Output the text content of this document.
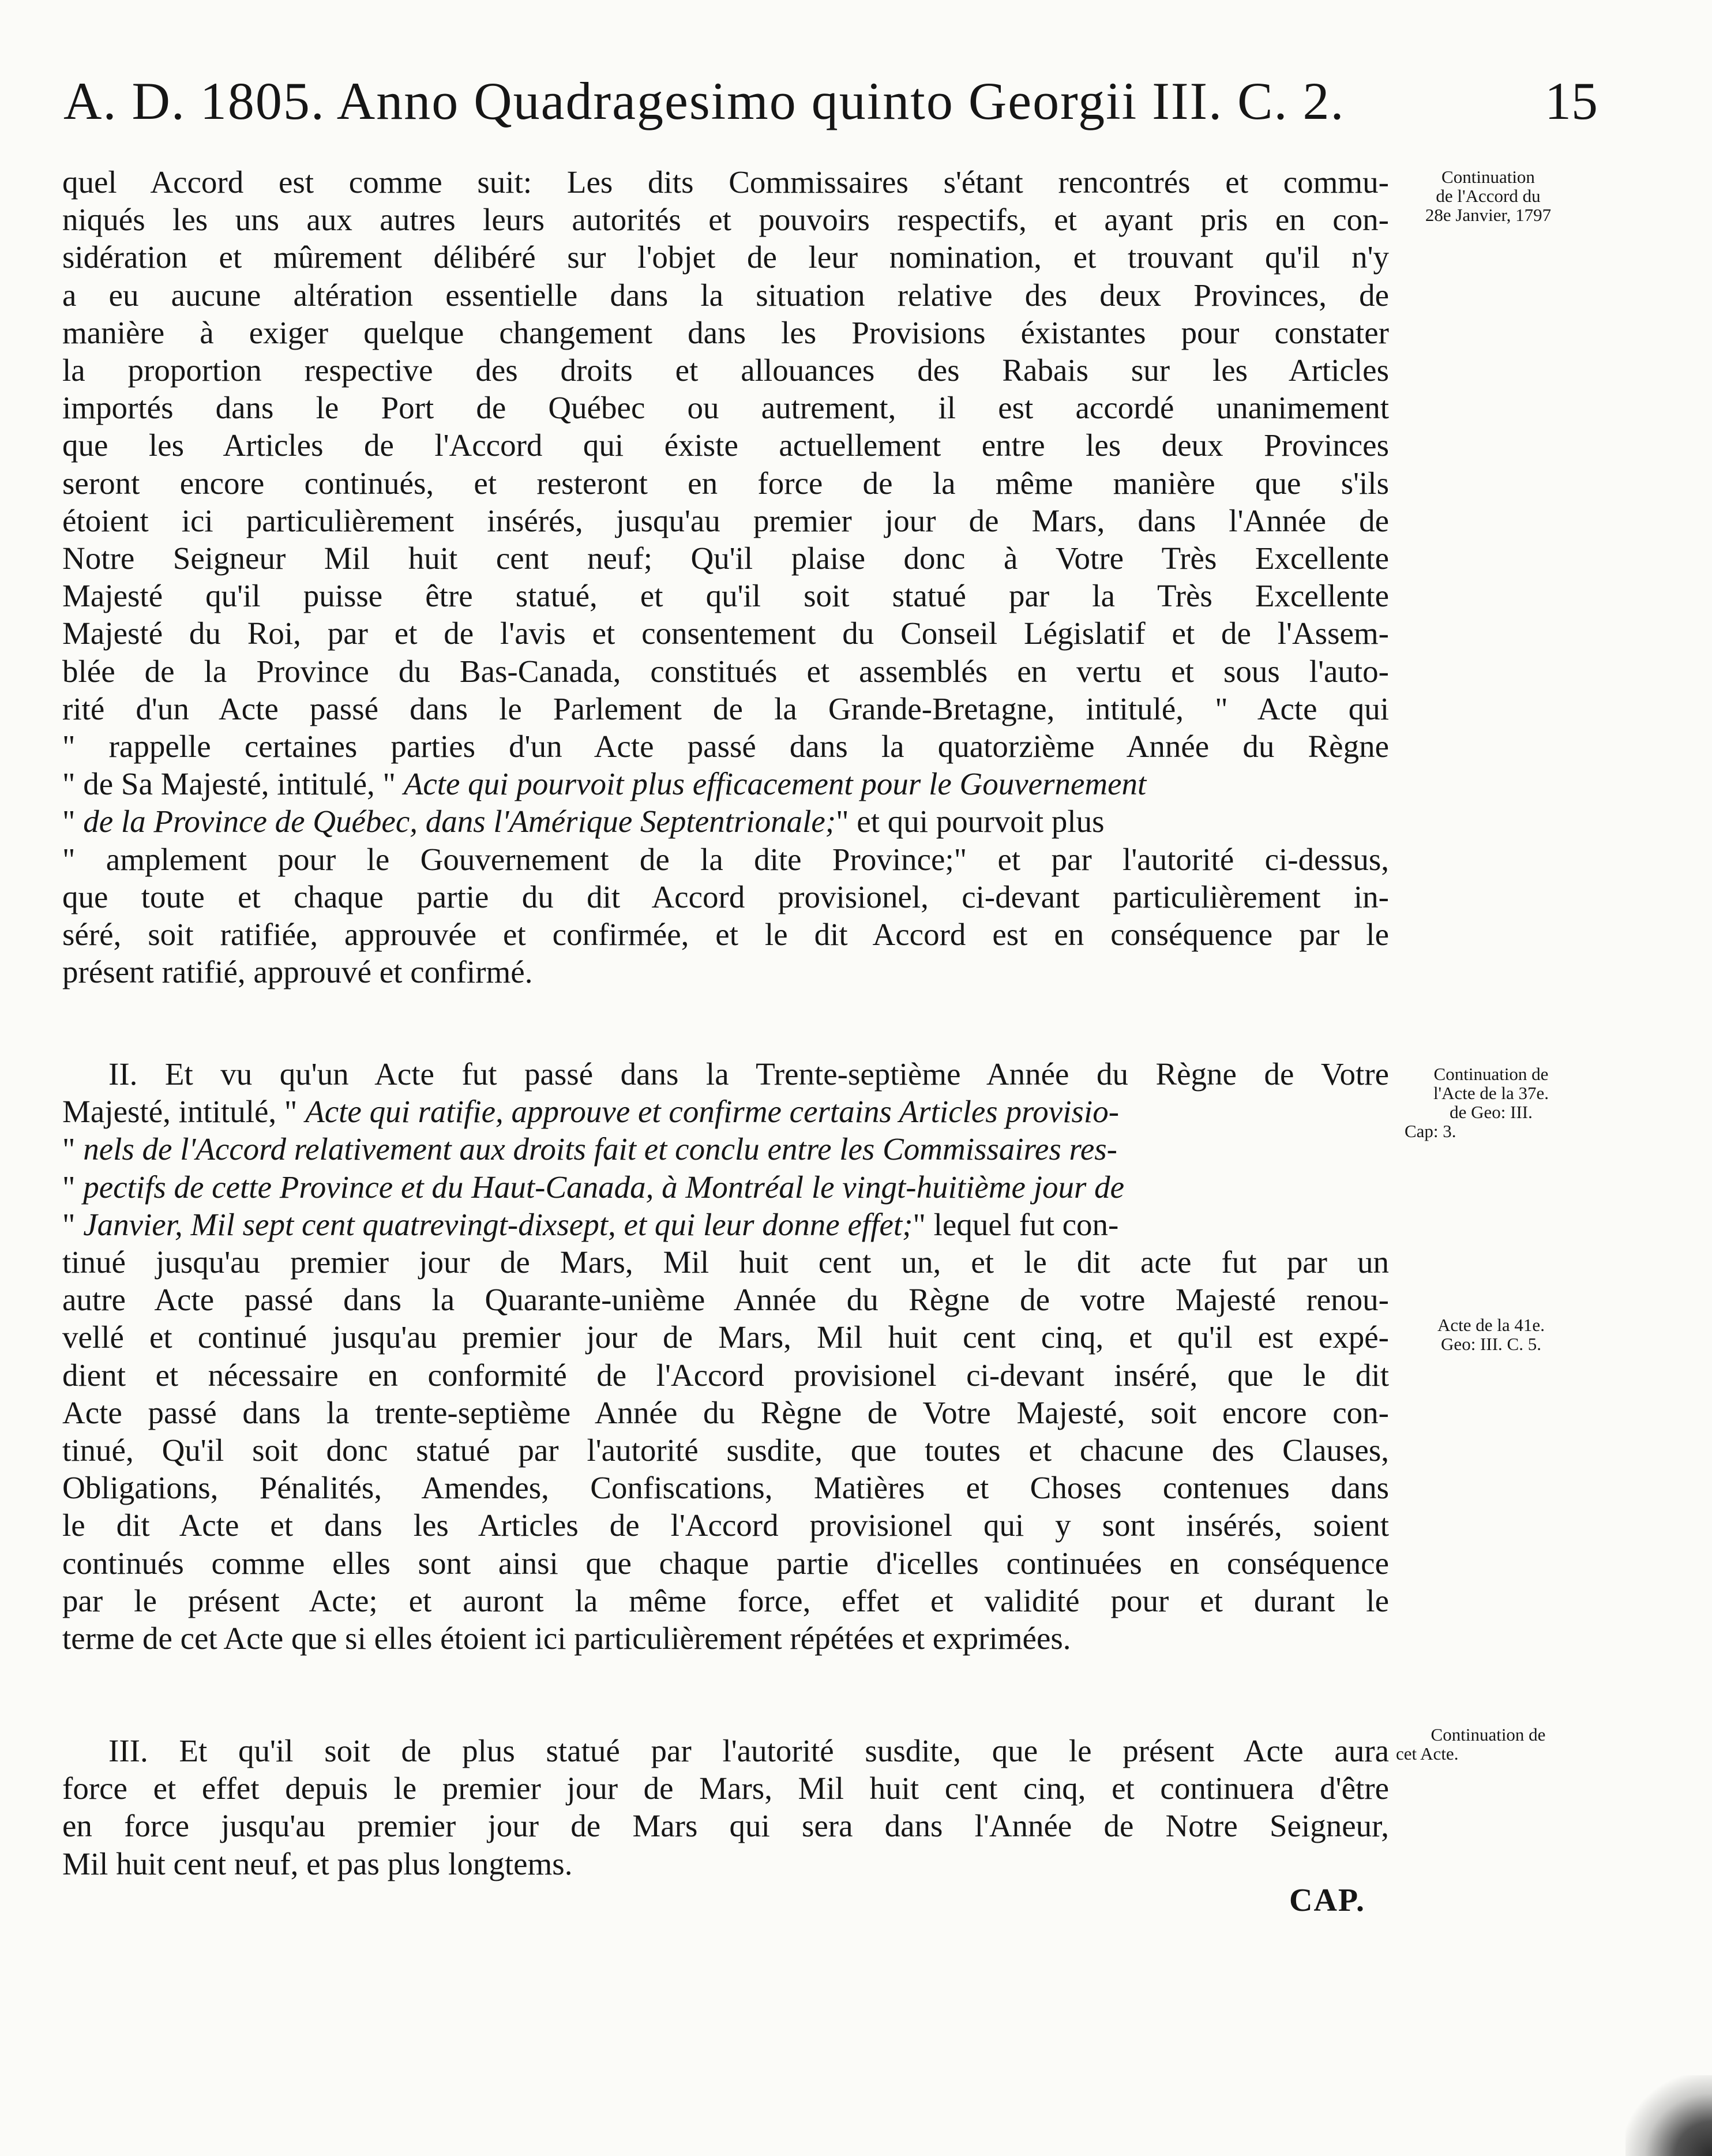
A. D. 1805. Anno Quadragesimo quinto Georgii III. C. 2.	15
quel Accord est comme suit: Les dits Commissaires s'étant rencontrés et commu-
niqués les uns aux autres leurs autorités et pouvoirs respectifs, et ayant pris en con-
sidération et mûrement délibéré sur l'objet de leur nomination, et trouvant qu'il n'y
a eu aucune altération essentielle dans la situation relative des deux Provinces, de
manière à exiger quelque changement dans les Provisions éxistantes pour constater
la proportion respective des droits et allouances des Rabais sur les Articles
importés dans le Port de Québec ou autrement, il est accordé unanimement
que les Articles de l'Accord qui éxiste actuellement entre les deux Provinces
seront encore continués, et resteront en force de la même manière que s'ils
étoient ici particulièrement insérés, jusqu'au premier jour de Mars, dans l'Année de
Notre Seigneur Mil huit cent neuf; Qu'il plaise donc à Votre Très Excellente
Majesté qu'il puisse être statué, et qu'il soit statué par la Très Excellente
Majesté du Roi, par et de l'avis et consentement du Conseil Législatif et de l'Assem-
blée de la Province du Bas-Canada, constitués et assemblés en vertu et sous l'auto-
rité d'un Acte passé dans le Parlement de la Grande-Bretagne, intitulé, " Acte qui
" rappelle certaines parties d'un Acte passé dans la quatorzième Année du Règne
" de Sa Majesté, intitulé, " Acte qui pourvoit plus efficacement pour le Gouvernement
" de la Province de Québec, dans l'Amérique Septentrionale;" et qui pourvoit plus
" amplement pour le Gouvernement de la dite Province;" et par l'autorité ci-dessus,
que toute et chaque partie du dit Accord provisionel, ci-devant particulièrement in-
séré, soit ratifiée, approuvée et confirmée, et le dit Accord est en conséquence par le
présent ratifié, approuvé et confirmé.
II. Et vu qu'un Acte fut passé dans la Trente-septième Année du Règne de Votre
Majesté, intitulé, " Acte qui ratifie, approuve et confirme certains Articles provisio-
" nels de l'Accord relativement aux droits fait et conclu entre les Commissaires res-
" pectifs de cette Province et du Haut-Canada, à Montréal le vingt-huitième jour de
" Janvier, Mil sept cent quatrevingt-dixsept, et qui leur donne effet;" lequel fut con-
tinué jusqu'au premier jour de Mars, Mil huit cent un, et le dit acte fut par un
autre Acte passé dans la Quarante-unième Année du Règne de votre Majesté renou-
vellé et continué jusqu'au premier jour de Mars, Mil huit cent cinq, et qu'il est expé-
dient et nécessaire en conformité de l'Accord provisionel ci-devant inséré, que le dit
Acte passé dans la trente-septième Année du Règne de Votre Majesté, soit encore con-
tinué, Qu'il soit donc statué par l'autorité susdite, que toutes et chacune des Clauses,
Obligations, Pénalités, Amendes, Confiscations, Matières et Choses contenues dans
le dit Acte et dans les Articles de l'Accord provisionel qui y sont insérés, soient
continués comme elles sont ainsi que chaque partie d'icelles continuées en conséquence
par le présent Acte; et auront la même force, effet et validité pour et durant le
terme de cet Acte que si elles étoient ici particulièrement répétées et exprimées.
III. Et qu'il soit de plus statué par l'autorité susdite, que le présent Acte aura
force et effet depuis le premier jour de Mars, Mil huit cent cinq, et continuera d'être
en force jusqu'au premier jour de Mars qui sera dans l'Année de Notre Seigneur,
Mil huit cent neuf, et pas plus longtems.
Continuation
de l'Accord du
28e Janvier, 1797
Continuation de
l'Acte de la 37e.
de Geo: III.
Cap: 3.
Acte de la 41e.
Geo: III. C. 5.
Continuation de
cet Acte.
CAP.
